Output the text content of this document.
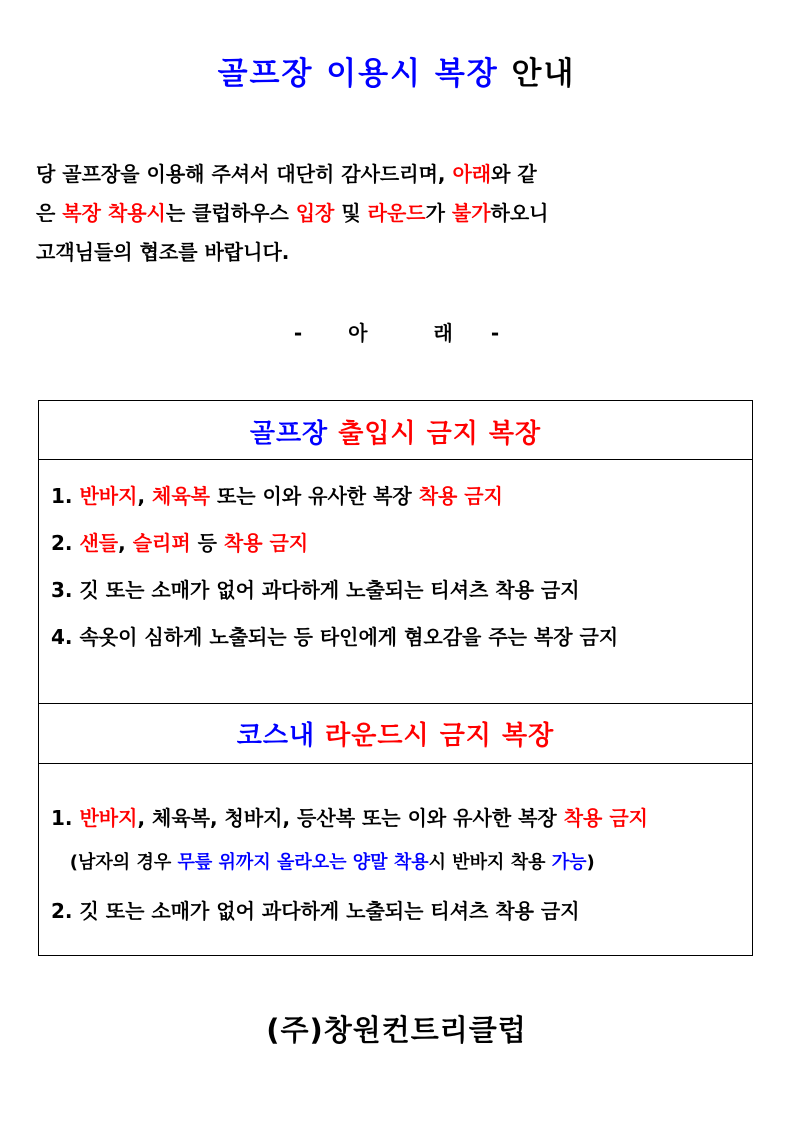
골프장 이용시 복장 안내
당 골프장을 이용해 주셔서 대단히 감사드리며, 아래와 같
은 복장 착용시는 클럽하우스 입장 및 라운드가 불가하오니
고객님들의 협조를 바랍니다.
- 아	래 -
골프장 출입시 금지 복장
1. 반바지, 체육복 또는 이와 유사한 복장 착용 금지
2. 샌들, 슬리퍼 등 착용 금지
3. 깃 또는 소매가 없어 과다하게 노출되는 티셔츠 착용 금지
4. 속옷이 심하게 노출되는 등 타인에게 혐오감을 주는 복장 금지
코스내 라운드시 금지 복장
1. 반바지, 체육복, 청바지, 등산복 또는 이와 유사한 복장 착용 금지
(남자의 경우 무릎 위까지 올라오는 양말 착용시 반바지 착용 가능)
2. 깃 또는 소매가 없어 과다하게 노출되는 티셔츠 착용 금지
(주)창원컨트리클럽
